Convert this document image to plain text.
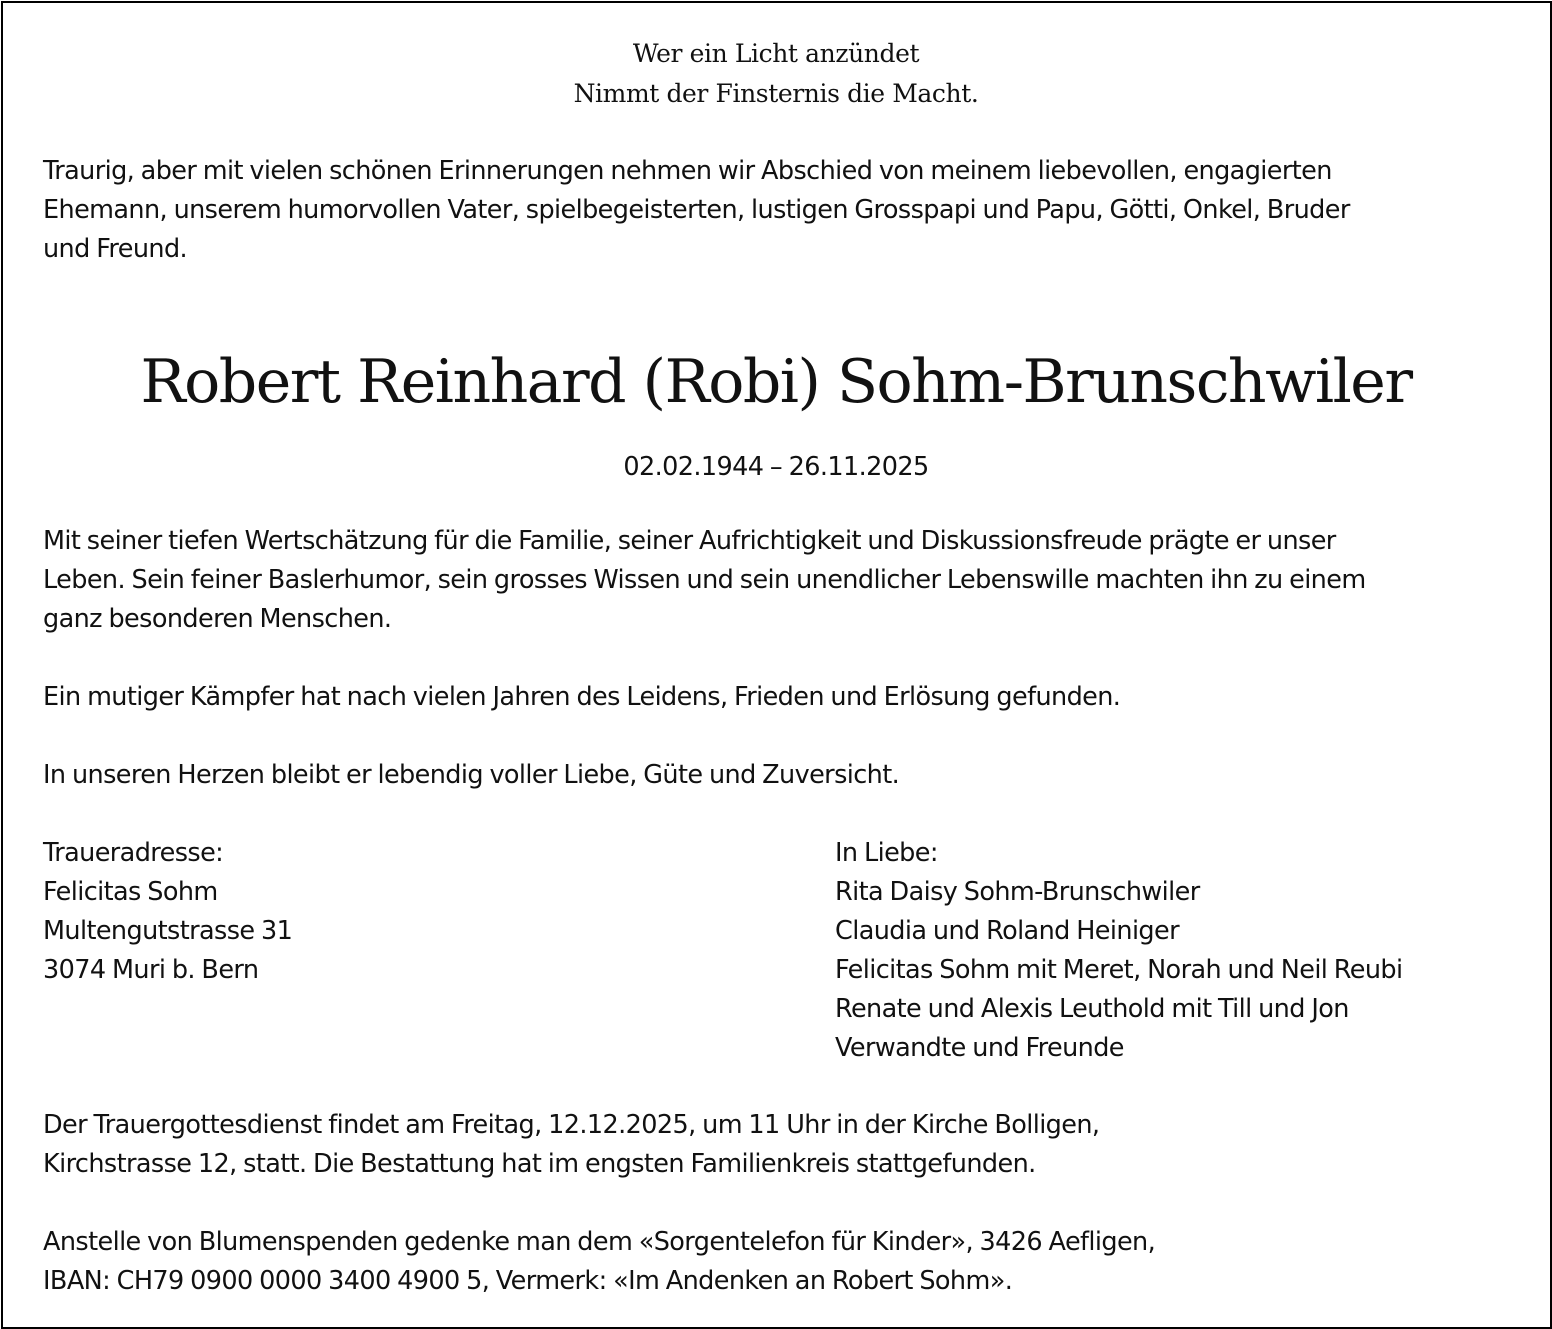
Wer ein Licht anzündet
Nimmt der Finsternis die Macht.
Traurig, aber mit vielen schönen Erinnerungen nehmen wir Abschied von meinem liebevollen, engagierten
Ehemann, unserem humorvollen Vater, spielbegeisterten, lustigen Grosspapi und Papu, Götti, Onkel, Bruder
und Freund.
Robert Reinhard (Robi) Sohm-Brunschwiler
02.02.1944 – 26.11.2025
Mit seiner tiefen Wertschätzung für die Familie, seiner Aufrichtigkeit und Diskussionsfreude prägte er unser
Leben. Sein feiner Baslerhumor, sein grosses Wissen und sein unendlicher Lebenswille machten ihn zu einem
ganz besonderen Menschen.
Ein mutiger Kämpfer hat nach vielen Jahren des Leidens, Frieden und Erlösung gefunden.
In unseren Herzen bleibt er lebendig voller Liebe, Güte und Zuversicht.
Traueradresse:
Felicitas Sohm
Multengutstrasse 31
3074 Muri b. Bern
In Liebe:
Rita Daisy Sohm-Brunschwiler
Claudia und Roland Heiniger
Felicitas Sohm mit Meret, Norah und Neil Reubi
Renate und Alexis Leuthold mit Till und Jon
Verwandte und Freunde
Der Trauergottesdienst findet am Freitag, 12.12.2025, um 11 Uhr in der Kirche Bolligen,
Kirchstrasse 12, statt. Die Bestattung hat im engsten Familienkreis stattgefunden.
Anstelle von Blumenspenden gedenke man dem «Sorgentelefon für Kinder», 3426 Aefligen,
IBAN: CH79 0900 0000 3400 4900 5, Vermerk: «Im Andenken an Robert Sohm».
